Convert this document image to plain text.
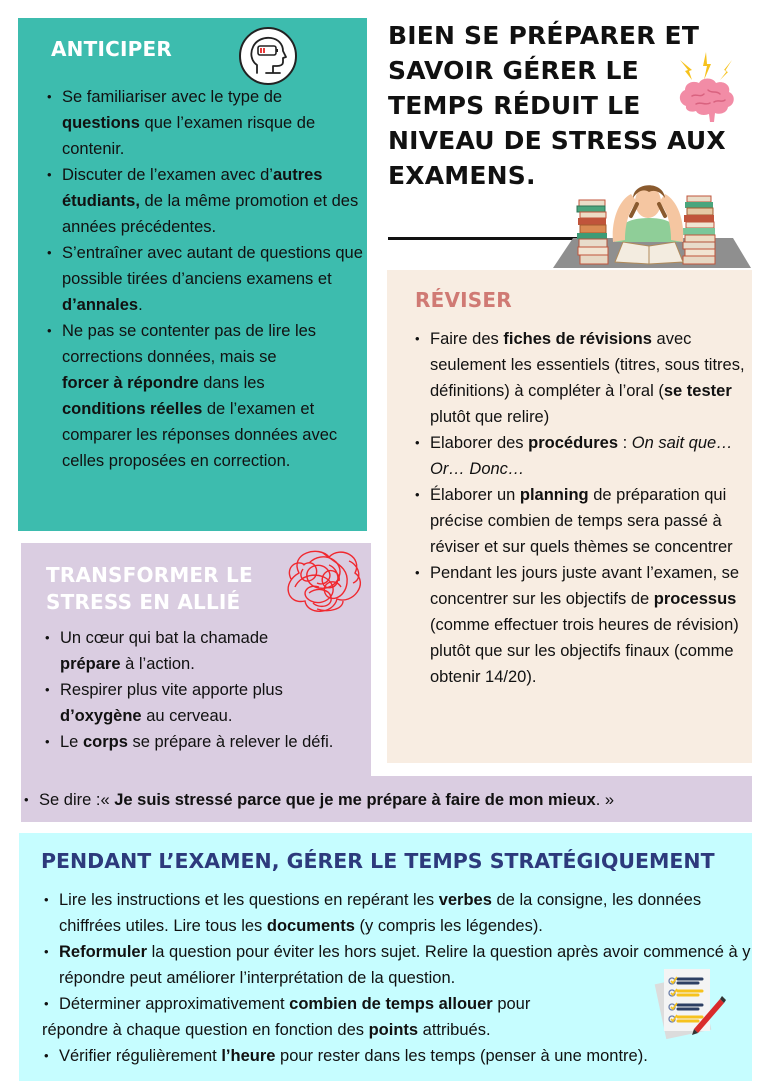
ANTICIPER
• Se familiariser avec le type de
questions que l’examen risque de contenir.
• Discuter de l’examen avec d’autres étudiants, de la même promotion et des années précédentes.
• S’entraîner avec autant de questions que possible tirées d’anciens examens et d’annales.
• Ne pas se contenter pas de lire les corrections données, mais se
forcer à répondre dans les
conditions réelles de l’examen et comparer les réponses données avec celles proposées en correction.
BIEN SE PRÉPARER ET
SAVOIR GÉRER LE
TEMPS RÉDUIT LE
NIVEAU DE STRESS AUX
EXAMENS.
RÉVISER
• Faire des fiches de révisions avec seulement les essentiels (titres, sous titres, définitions) à compléter à l’oral (se tester plutôt que relire)
• Elaborer des procédures : On sait que… Or… Donc…
• Élaborer un planning de préparation qui précise combien de temps sera passé à réviser et sur quels thèmes se concentrer
• Pendant les jours juste avant l’examen, se concentrer sur les objectifs de processus (comme effectuer trois heures de révision) plutôt que sur les objectifs finaux (comme obtenir 14/20).
TRANSFORMER LE
STRESS EN ALLIÉ
• Un cœur qui bat la chamade
prépare à l’action.
• Respirer plus vite apporte plus
d’oxygène au cerveau.
• Le corps se prépare à relever le défi.
• Se dire :« Je suis stressé parce que je me prépare à faire de mon mieux. »
PENDANT L’EXAMEN, GÉRER LE TEMPS STRATÉGIQUEMENT
• Lire les instructions et les questions en repérant les verbes de la consigne, les données chiffrées utiles. Lire tous les documents (y compris les légendes).
• Reformuler la question pour éviter les hors sujet. Relire la question après avoir commencé à y répondre peut améliorer l’interprétation de la question.
• Déterminer approximativement combien de temps allouer pour
répondre à chaque question en fonction des points attribués.
• Vérifier régulièrement l’heure pour rester dans les temps (penser à une montre).
